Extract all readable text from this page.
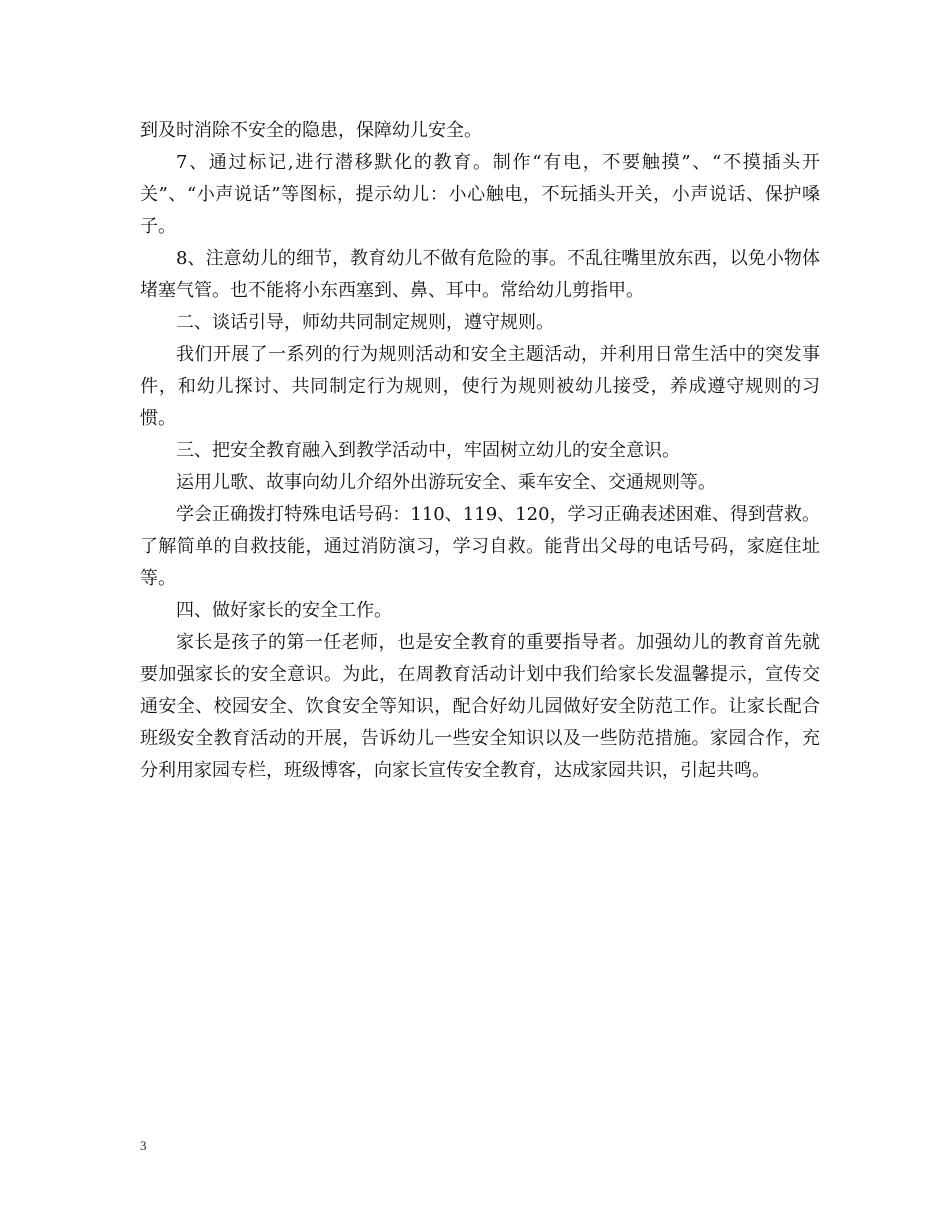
到及时消除不安全的隐患，保障幼儿安全。

7、通过标记,进行潜移默化的教育。制作“有电，不要触摸”、“不摸插头开关”、“小声说话”等图标，提示幼儿：小心触电，不玩插头开关，小声说话、保护嗓子。

8、注意幼儿的细节，教育幼儿不做有危险的事。不乱往嘴里放东西，以免小物体堵塞气管。也不能将小东西塞到、鼻、耳中。常给幼儿剪指甲。

二、谈话引导，师幼共同制定规则，遵守规则。

我们开展了一系列的行为规则活动和安全主题活动，并利用日常生活中的突发事件，和幼儿探讨、共同制定行为规则，使行为规则被幼儿接受，养成遵守规则的习惯。

三、把安全教育融入到教学活动中，牢固树立幼儿的安全意识。

运用儿歌、故事向幼儿介绍外出游玩安全、乘车安全、交通规则等。

学会正确拨打特殊电话号码：110、119、120，学习正确表述困难、得到营救。了解简单的自救技能，通过消防演习，学习自救。能背出父母的电话号码，家庭住址等。

四、做好家长的安全工作。

家长是孩子的第一任老师，也是安全教育的重要指导者。加强幼儿的教育首先就要加强家长的安全意识。为此，在周教育活动计划中我们给家长发温馨提示，宣传交通安全、校园安全、饮食安全等知识，配合好幼儿园做好安全防范工作。让家长配合班级安全教育活动的开展，告诉幼儿一些安全知识以及一些防范措施。家园合作，充分利用家园专栏，班级博客，向家长宣传安全教育，达成家园共识，引起共鸣。

3
